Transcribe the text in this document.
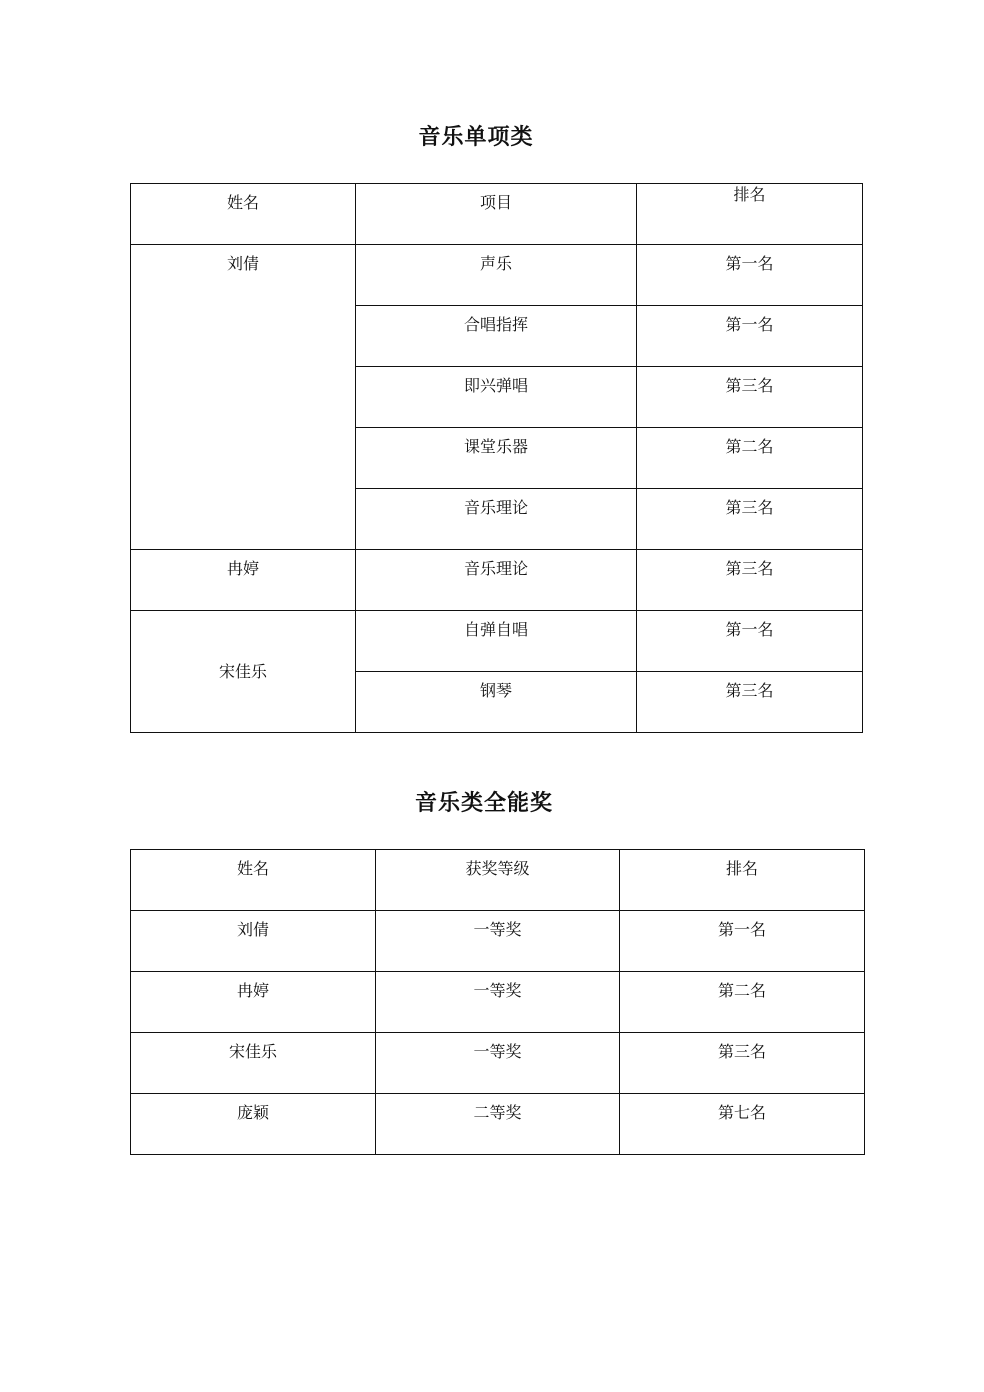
音乐单项类
姓名	项目	排名
刘倩	声乐	第一名
	合唱指挥	第一名
	即兴弹唱	第三名
	课堂乐器	第二名
	音乐理论	第三名
冉婷	音乐理论	第三名
宋佳乐	自弹自唱	第一名
	钢琴	第三名
音乐类全能奖
姓名	获奖等级	排名
刘倩	一等奖	第一名
冉婷	一等奖	第二名
宋佳乐	一等奖	第三名
庞颖	二等奖	第七名
